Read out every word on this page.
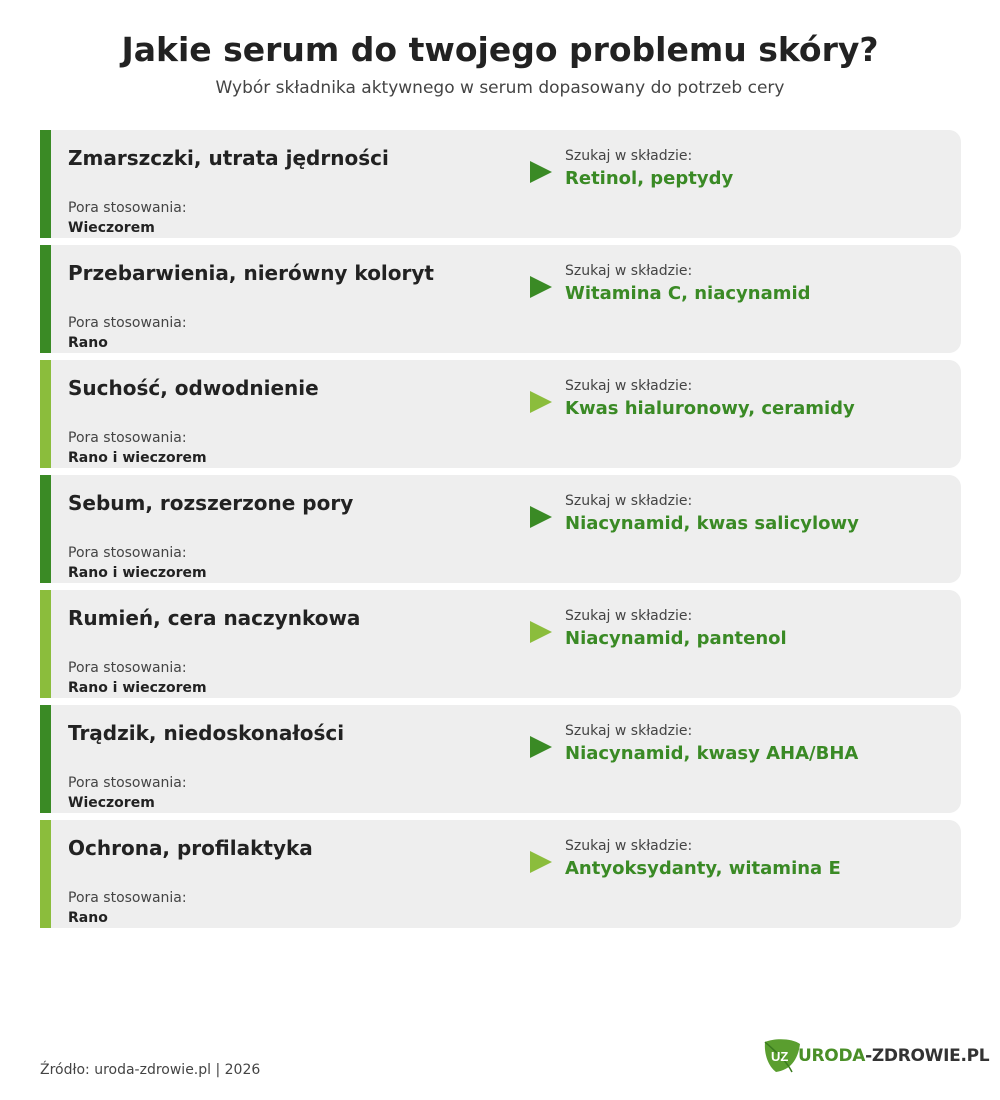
Jakie serum do twojego problemu skóry?

Wybór składnika aktywnego w serum dopasowany do potrzeb cery

Zmarszczki, utrata jędrności
Pora stosowania:
Wieczorem
Szukaj w składzie:
Retinol, peptydy
Przebarwienia, nierówny koloryt
Pora stosowania:
Rano
Szukaj w składzie:
Witamina C, niacynamid
Suchość, odwodnienie
Pora stosowania:
Rano i wieczorem
Szukaj w składzie:
Kwas hialuronowy, ceramidy
Sebum, rozszerzone pory
Pora stosowania:
Rano i wieczorem
Szukaj w składzie:
Niacynamid, kwas salicylowy
Rumień, cera naczynkowa
Pora stosowania:
Rano i wieczorem
Szukaj w składzie:
Niacynamid, pantenol
Trądzik, niedoskonałości
Pora stosowania:
Wieczorem
Szukaj w składzie:
Niacynamid, kwasy AHA/BHA
Ochrona, profilaktyka
Pora stosowania:
Rano
Szukaj w składzie:
Antyoksydanty, witamina E
Źródło: uroda-zdrowie.pl | 2026
UZ URODA-ZDROWIE.PL
